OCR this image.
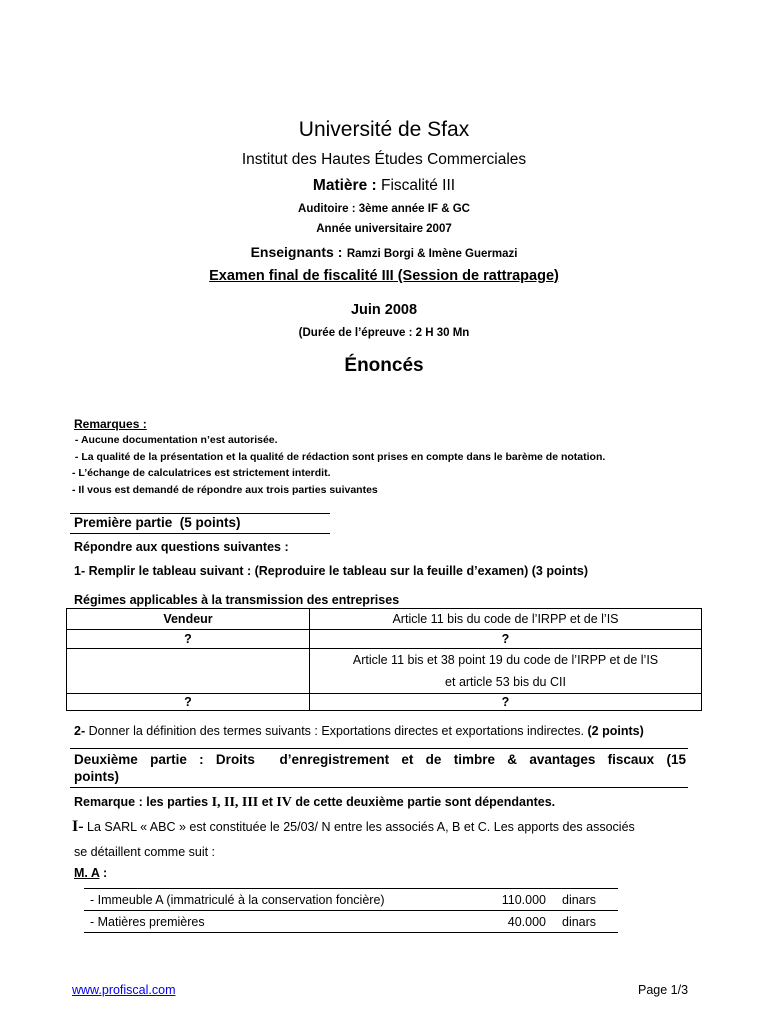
Université de Sfax
Institut des Hautes Études Commerciales
Matière : Fiscalité III
Auditoire : 3ème année IF & GC
Année universitaire 2007
Enseignants : Ramzi Borgi & Imène Guermazi
Examen final de fiscalité III (Session de rattrapage)
Juin 2008
(Durée de l’épreuve : 2 H 30 Mn
Énoncés
Remarques :
- Aucune documentation n’est autorisée.
- La qualité de la présentation et la qualité de rédaction sont prises en compte dans le barème de notation.
- L’échange de calculatrices est strictement interdit.
- Il vous est demandé de répondre aux trois parties suivantes
Première partie  (5 points)
Répondre aux questions suivantes :
1- Remplir le tableau suivant : (Reproduire le tableau sur la feuille d’examen) (3 points)
Régimes applicables à la transmission des entreprises
Vendeur	Article 11 bis du code de l’IRPP et de l’IS
?	?

	Article 11 bis et 38 point 19 du code de l’IRPP et de l’IS
et article 53 bis du CII

?	?
2- Donner la définition des termes suivants : Exportations directes et exportations indirectes. (2 points)
Deuxième partie : Droits  d’enregistrement et de timbre & avantages fiscaux (15
points)
Remarque : les parties I, II, III et IV de cette deuxième partie sont dépendantes.
I- La SARL « ABC » est constituée le 25/03/ N entre les associés A, B et C. Les apports des associés
se détaillent comme suit :
M. A :
- Immeuble A (immatriculé à la conservation foncière)	110.000	dinars
- Matières premières	40.000	dinars
www.profiscal.com	Page 1/3
